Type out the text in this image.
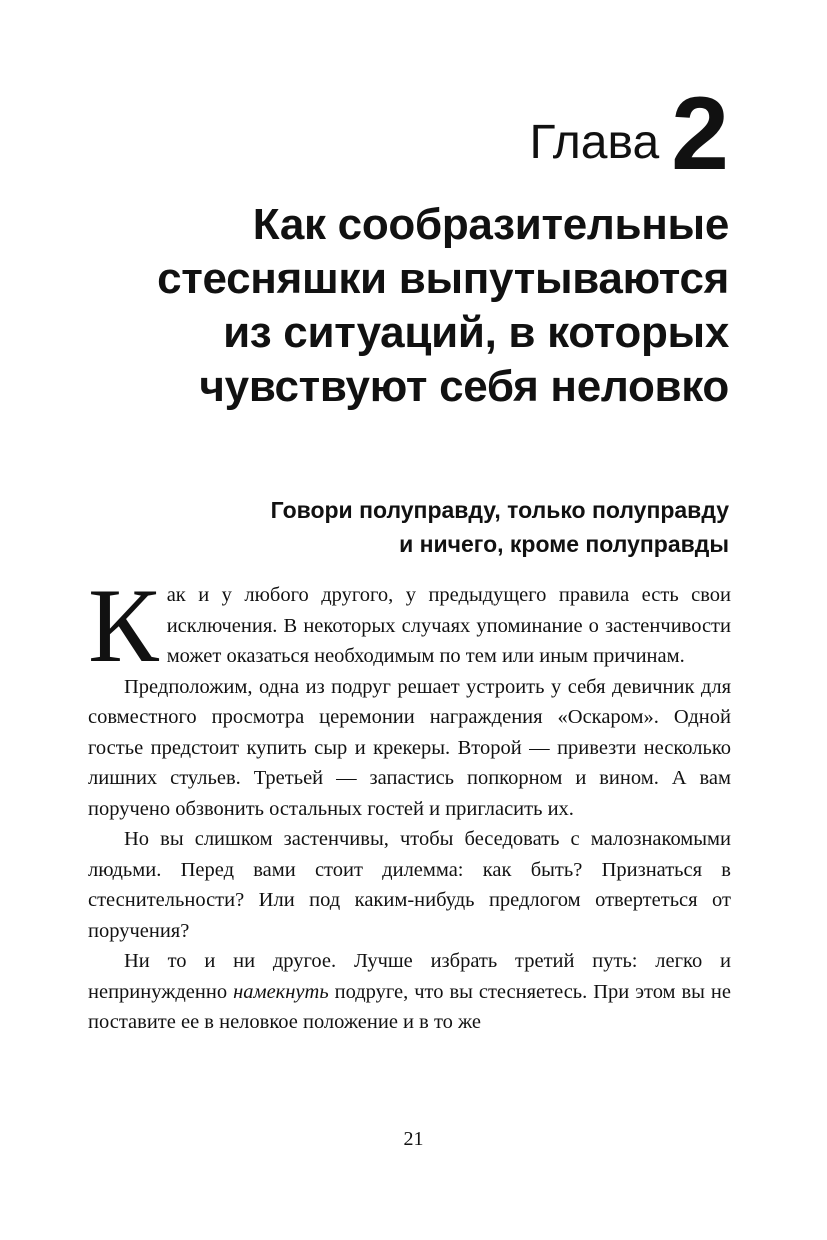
Глава 2
Как сообразительные
стесняшки выпутываются
из ситуаций, в которых
чувствуют себя неловко
Говори полуправду, только полуправду
и ничего, кроме полуправды

Как и у любого другого, у предыдущего правила есть свои исключения. В некоторых случаях упоминание о застенчивости может оказаться необходимым по тем или иным причинам.

Предположим, одна из подруг решает устроить у себя девичник для совместного просмотра церемонии награждения «Оскаром». Одной гостье предстоит купить сыр и крекеры. Второй — привезти несколько лишних стульев. Третьей — запастись попкорном и вином. А вам поручено обзвонить остальных гостей и пригласить их.

Но вы слишком застенчивы, чтобы беседовать с малознакомыми людьми. Перед вами стоит дилемма: как быть? Признаться в стеснительности? Или под каким-нибудь предлогом отвертеться от поручения?

Ни то и ни другое. Лучше избрать третий путь: легко и непринужденно намекнуть подруге, что вы стесняетесь. При этом вы не поставите ее в неловкое положение и в то же

21
